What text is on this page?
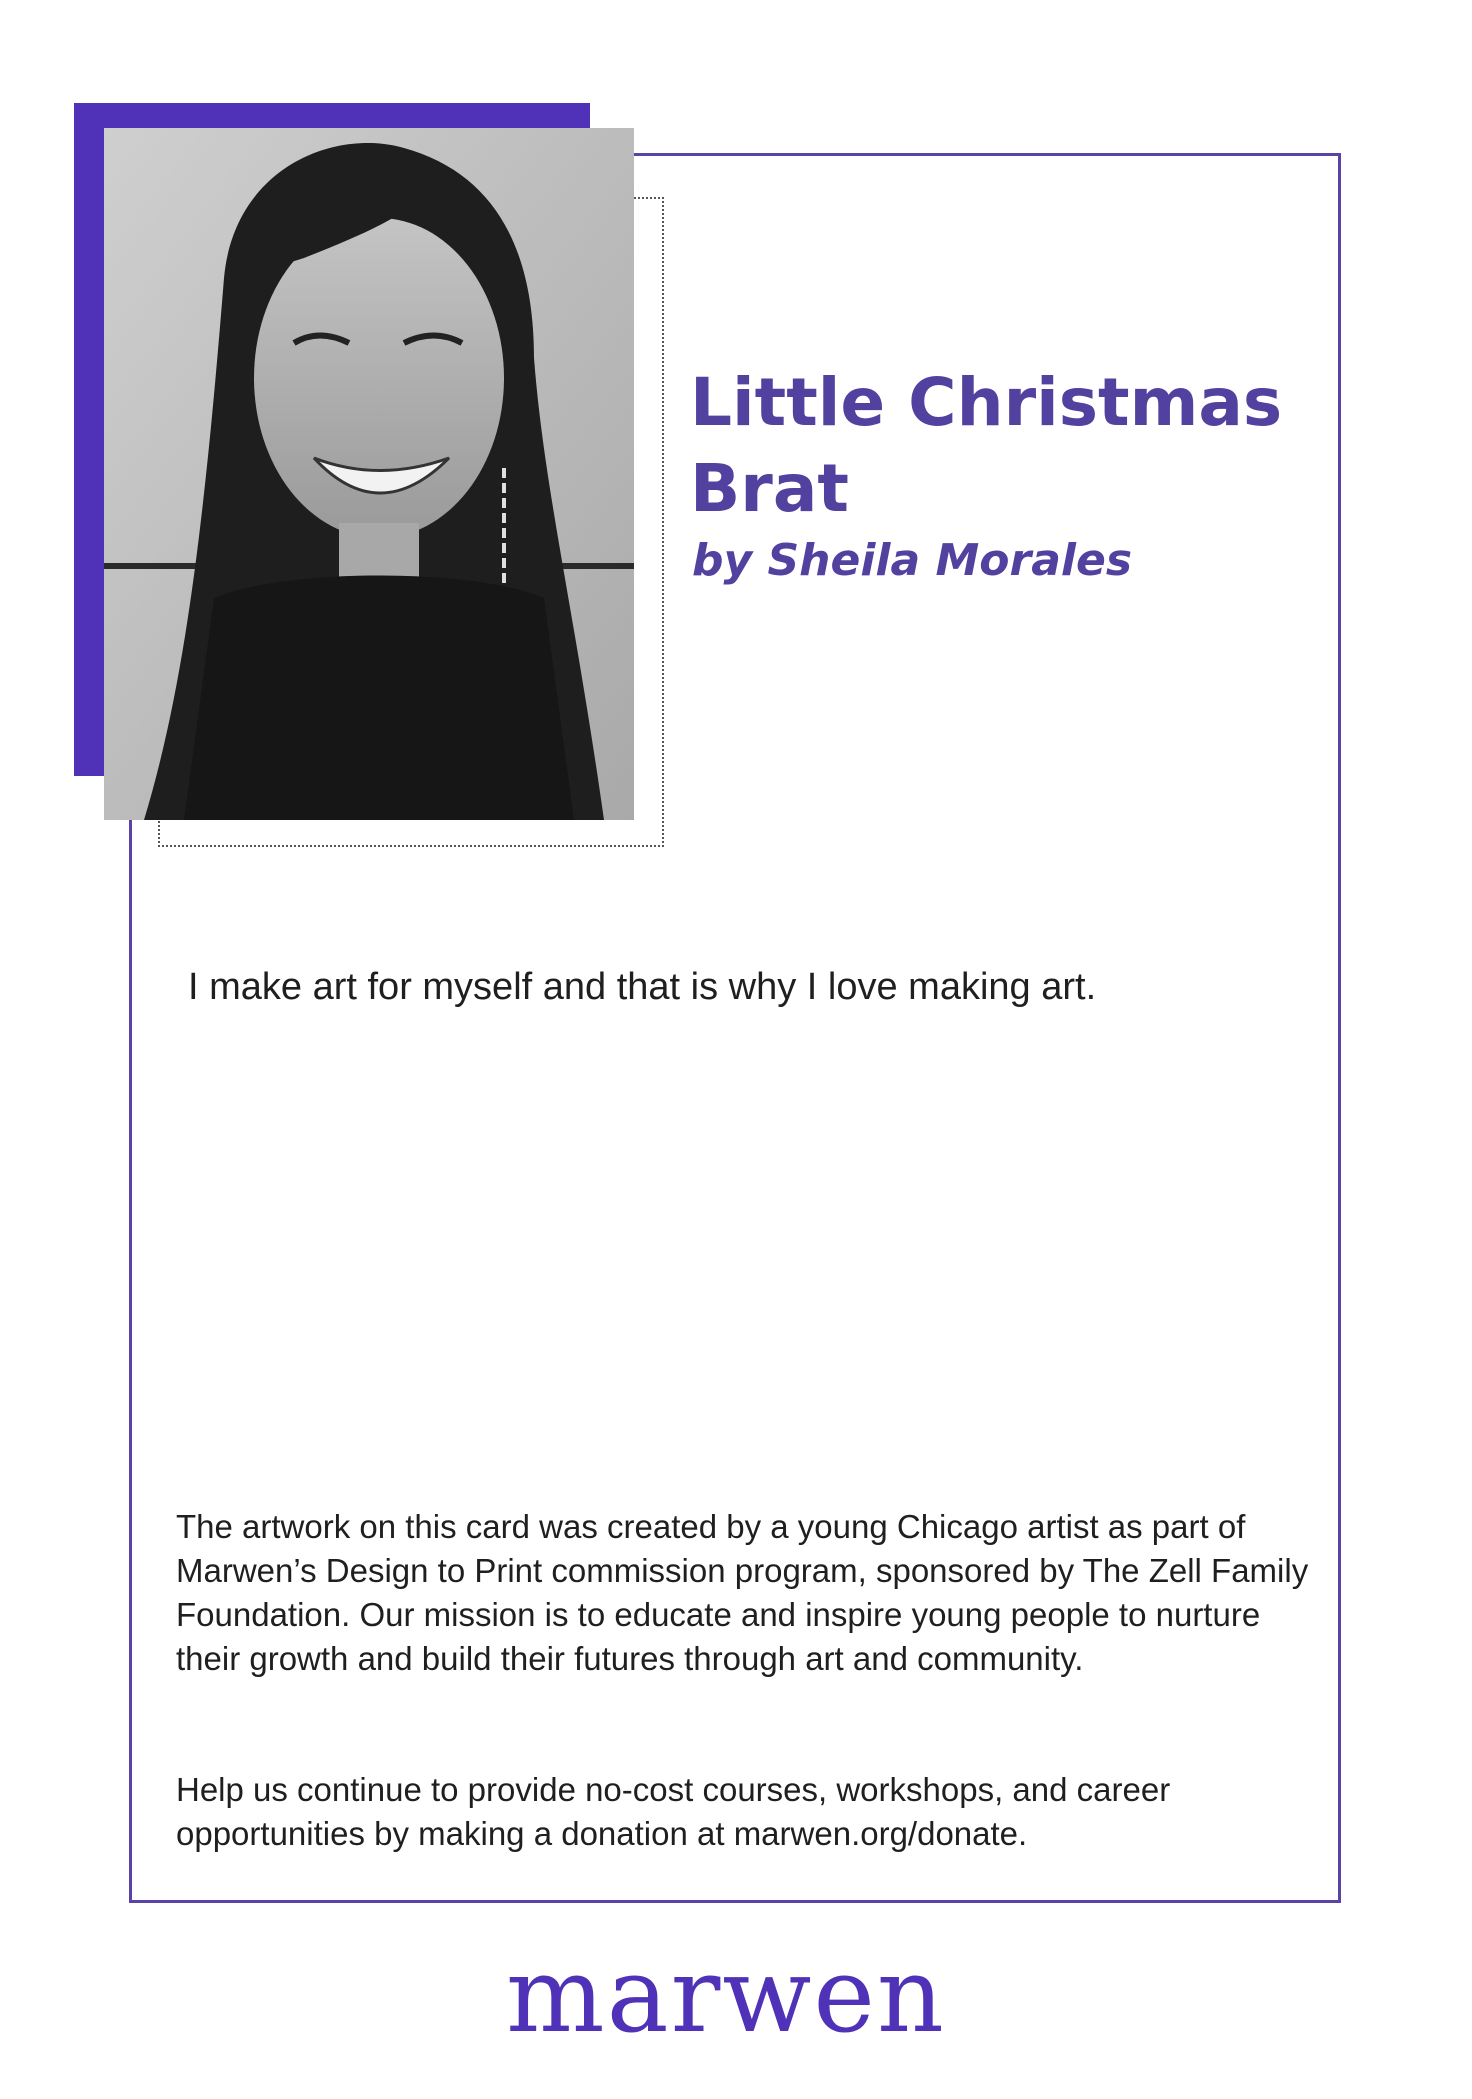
Little Christmas Brat

by Sheila Morales

I make art for myself and that is why I love making art.

The artwork on this card was created by a young Chicago artist as part of Marwen’s Design to Print commission program, sponsored by The Zell Family Foundation. Our mission is to educate and inspire young people to nurture their growth and build their futures through art and community.

Help us continue to provide no-cost courses, workshops, and career opportunities by making a donation at marwen.org/donate.

marwen
